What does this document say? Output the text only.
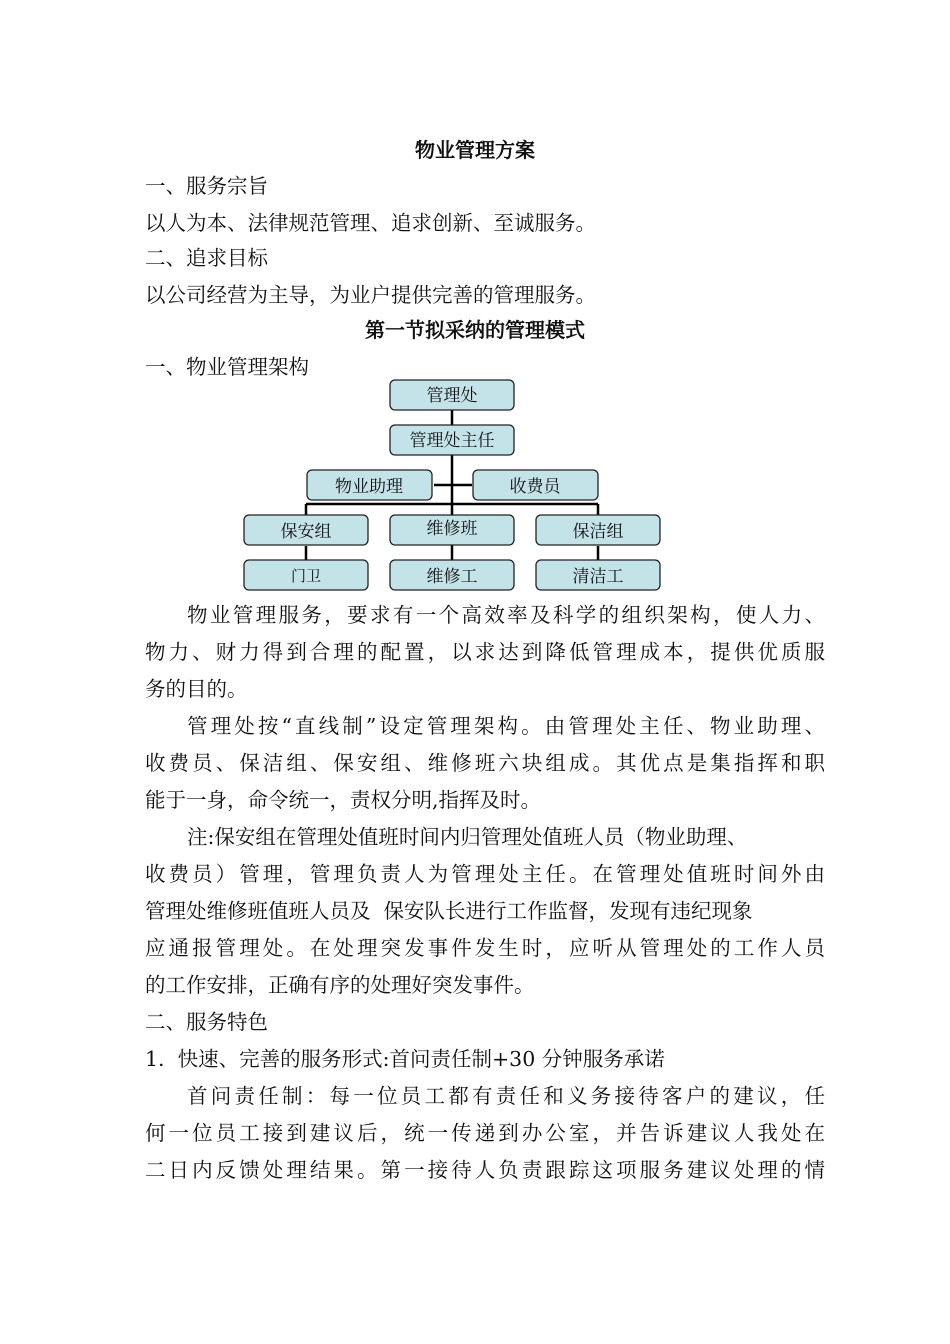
物业管理方案
一、服务宗旨
以人为本、法律规范管理、追求创新、至诚服务。
二、追求目标
以公司经营为主导，为业户提供完善的管理服务。
第一节拟采纳的管理模式
一、物业管理架构
管理处
管理处主任
物业助理	收费员
保安组	维修班	保洁组
门卫	维修工	清洁工
物业管理服务，要求有一个高效率及科学的组织架构，使人力、
物力、财力得到合理的配置，以求达到降低管理成本，提供优质服
务的目的。
管理处按“直线制”设定管理架构。由管理处主任、物业助理、
收费员、保洁组、保安组、维修班六块组成。其优点是集指挥和职
能于一身，命令统一，责权分明,指挥及时。
注:保安组在管理处值班时间内归管理处值班人员（物业助理、
收费员）管理，管理负责人为管理处主任。在管理处值班时间外由
管理处维修班值班人员及  保安队长进行工作监督，发现有违纪现象
应通报管理处。在处理突发事件发生时，应听从管理处的工作人员
的工作安排，正确有序的处理好突发事件。
二、服务特色
1.  快速、完善的服务形式:首问责任制+30 分钟服务承诺
首问责任制：每一位员工都有责任和义务接待客户的建议，任
何一位员工接到建议后，统一传递到办公室，并告诉建议人我处在
二日内反馈处理结果。第一接待人负责跟踪这项服务建议处理的情
